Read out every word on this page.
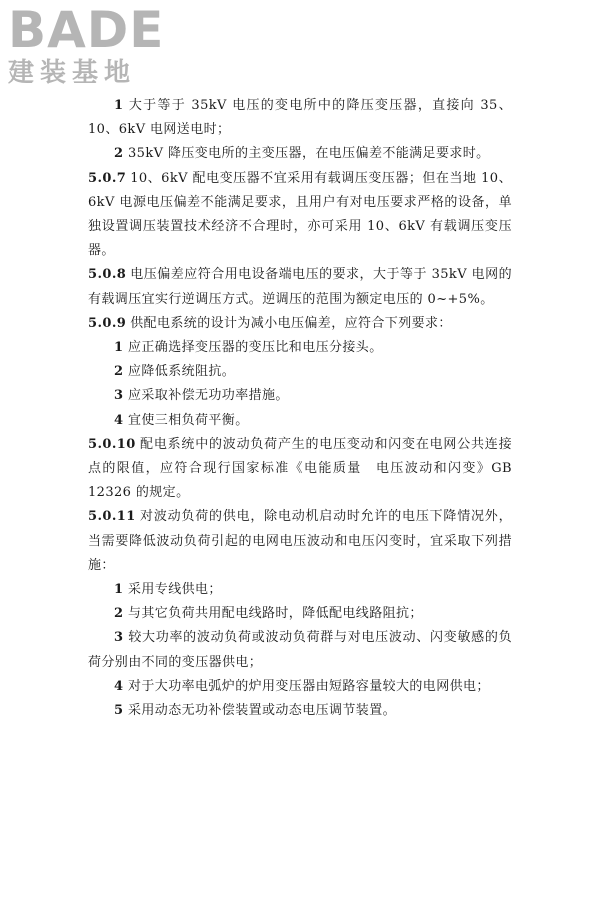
BADE
建装基地

1 大于等于 35kV 电压的变电所中的降压变压器，直接向 35、10、6kV 电网送电时；

2 35kV 降压变电所的主变压器，在电压偏差不能满足要求时。

5.0.7 10、6kV 配电变压器不宜采用有载调压变压器；但在当地 10、6kV 电源电压偏差不能满足要求，且用户有对电压要求严格的设备，单独设置调压装置技术经济不合理时，亦可采用 10、6kV 有载调压变压器。

5.0.8 电压偏差应符合用电设备端电压的要求，大于等于 35kV 电网的有载调压宜实行逆调压方式。逆调压的范围为额定电压的 0~+5%。

5.0.9 供配电系统的设计为减小电压偏差，应符合下列要求：

1 应正确选择变压器的变压比和电压分接头。

2 应降低系统阻抗。

3 应采取补偿无功功率措施。

4 宜使三相负荷平衡。

5.0.10 配电系统中的波动负荷产生的电压变动和闪变在电网公共连接点的限值，应符合现行国家标准《电能质量　电压波动和闪变》GB 12326 的规定。

5.0.11 对波动负荷的供电，除电动机启动时允许的电压下降情况外，当需要降低波动负荷引起的电网电压波动和电压闪变时，宜采取下列措施：

1 采用专线供电；

2 与其它负荷共用配电线路时，降低配电线路阻抗；

3 较大功率的波动负荷或波动负荷群与对电压波动、闪变敏感的负荷分别由不同的变压器供电；

4 对于大功率电弧炉的炉用变压器由短路容量较大的电网供电；

5 采用动态无功补偿装置或动态电压调节装置。
